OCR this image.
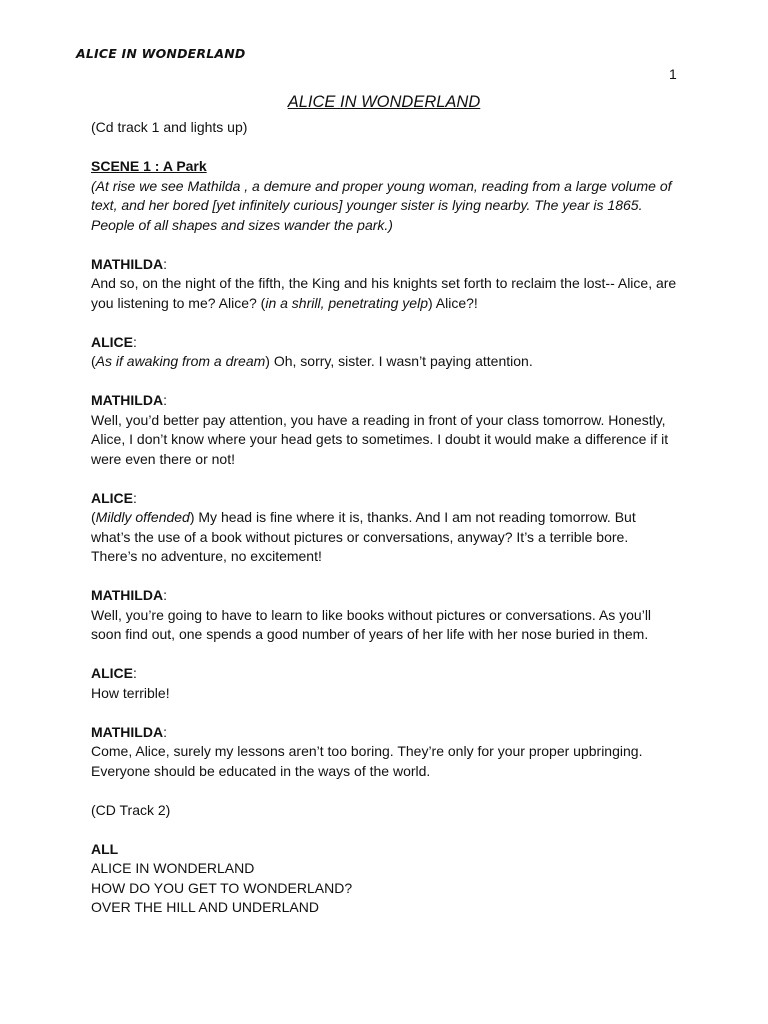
ALICE IN WONDERLAND
1
ALICE IN WONDERLAND

(Cd track 1 and lights up)

SCENE 1 : A Park
(At rise we see Mathilda , a demure and proper young woman, reading from a large volume of
text, and her bored [yet infinitely curious] younger sister is lying nearby. The year is 1865.
People of all shapes and sizes wander the park.)
MATHILDA:
And so, on the night of the fifth, the King and his knights set forth to reclaim the lost-- Alice, are
you listening to me? Alice? (in a shrill, penetrating yelp) Alice?!
ALICE:
(As if awaking from a dream) Oh, sorry, sister. I wasn’t paying attention.
MATHILDA:
Well, you’d better pay attention, you have a reading in front of your class tomorrow. Honestly,
Alice, I don’t know where your head gets to sometimes. I doubt it would make a difference if it
were even there or not!
ALICE:
(Mildly offended) My head is fine where it is, thanks. And I am not reading tomorrow. But
what’s the use of a book without pictures or conversations, anyway? It’s a terrible bore.
There’s no adventure, no excitement!
MATHILDA:
Well, you’re going to have to learn to like books without pictures or conversations. As you’ll
soon find out, one spends a good number of years of her life with her nose buried in them.
ALICE:
How terrible!
MATHILDA:
Come, Alice, surely my lessons aren’t too boring. They’re only for your proper upbringing.
Everyone should be educated in the ways of the world.

(CD Track 2)

ALL
ALICE IN WONDERLAND
HOW DO YOU GET TO WONDERLAND?
OVER THE HILL AND UNDERLAND
